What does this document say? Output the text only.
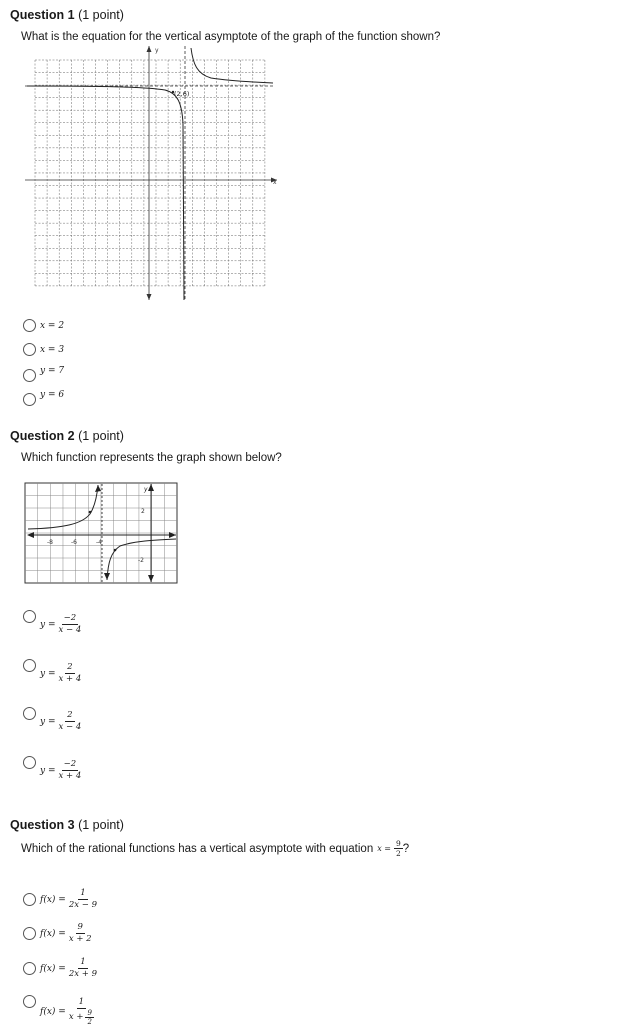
Question 1 (1 point)
What is the equation for the vertical asymptote of the graph of the function shown?
y
x
(2,6)
x = 2
x = 3
y = 7
y = 6
Question 2 (1 point)
Which function represents the graph shown below?
y
-8	-6	-4
2
-2
$y = \frac{-2}{x - 4}$
$y = \frac{2}{x + 4}$
$y = \frac{2}{x - 4}$
$y = \frac{-2}{x + 4}$
Question 3 (1 point)
Which of the rational functions has a vertical asymptote with equation $x = \frac{9}{2}$ ?
$f(x) = \frac{1}{2x - 9}$
$f(x) = \frac{9}{x + 2}$
$f(x) = \frac{1}{2x + 9}$
$f(x) = \frac{1}{x + \frac{9}{2}}$
